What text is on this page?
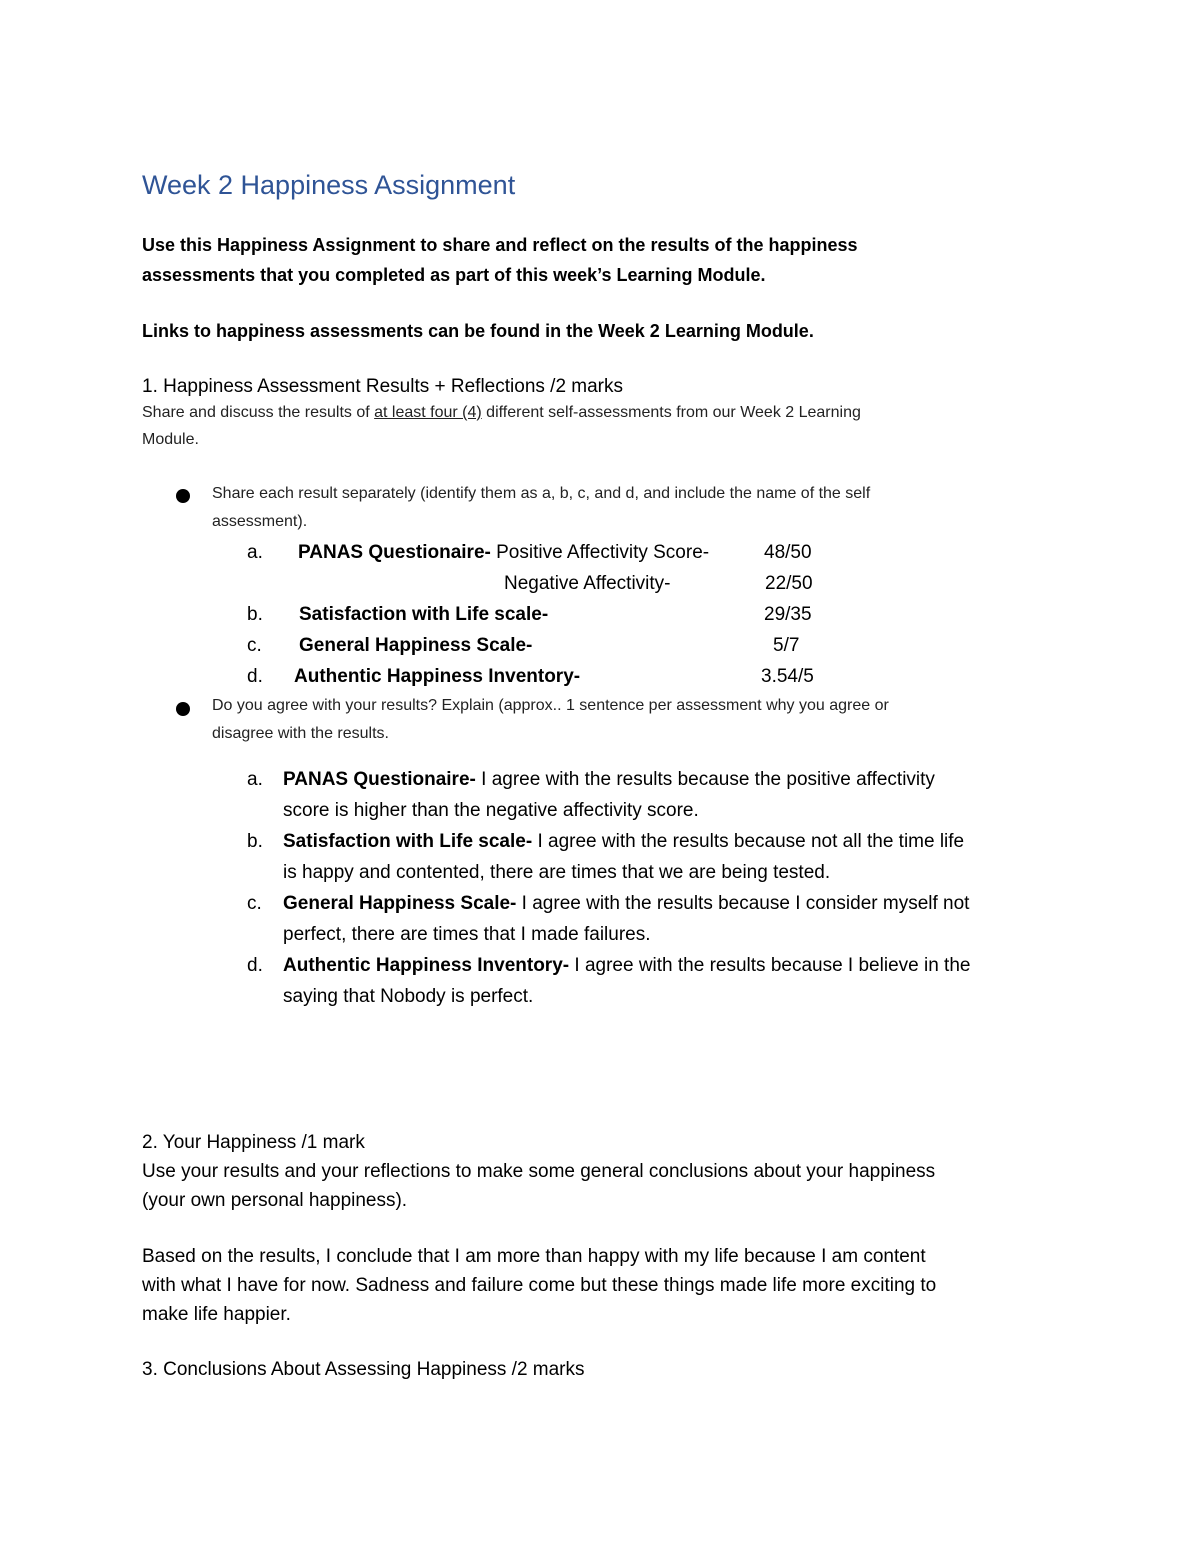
Week 2 Happiness Assignment
Use this Happiness Assignment to share and reflect on the results of the happiness
assessments that you completed as part of this week’s Learning Module.
Links to happiness assessments can be found in the Week 2 Learning Module.
1. Happiness Assessment Results + Reflections /2 marks
Share and discuss the results of at least four (4) different self-assessments from our Week 2 Learning
Module.
Share each result separately (identify them as a, b, c, and d, and include the name of the self
assessment).
a. PANAS Questionaire- Positive Affectivity Score-	48/50
Negative Affectivity-	22/50
b. Satisfaction with Life scale-	29/35
c. General Happiness Scale-	5/7
d. Authentic Happiness Inventory-	3.54/5
Do you agree with your results? Explain (approx.. 1 sentence per assessment why you agree or
disagree with the results.
a. PANAS Questionaire- I agree with the results because the positive affectivity
score is higher than the negative affectivity score.
b. Satisfaction with Life scale- I agree with the results because not all the time life
is happy and contented, there are times that we are being tested.
c. General Happiness Scale- I agree with the results because I consider myself not
perfect, there are times that I made failures.
d. Authentic Happiness Inventory- I agree with the results because I believe in the
saying that Nobody is perfect.
2. Your Happiness /1 mark
Use your results and your reflections to make some general conclusions about your happiness
(your own personal happiness).
Based on the results, I conclude that I am more than happy with my life because I am content
with what I have for now. Sadness and failure come but these things made life more exciting to
make life happier.
3. Conclusions About Assessing Happiness /2 marks
